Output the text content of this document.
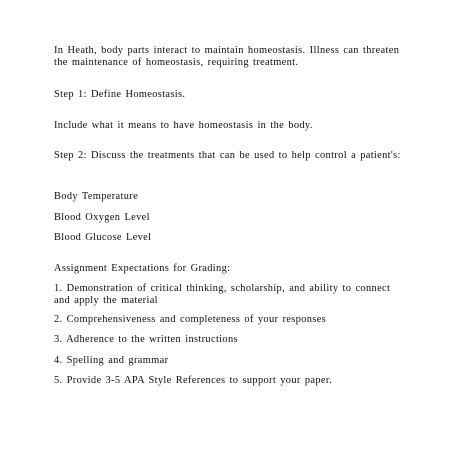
In Heath, body parts interact to maintain homeostasis. Illness can threaten the maintenance of homeostasis, requiring treatment.

Step 1: Define Homeostasis.

Include what it means to have homeostasis in the body.

Step 2: Discuss the treatments that can be used to help control a patient's:

Body Temperature

Blood Oxygen Level

Blood Glucose Level

Assignment Expectations for Grading:

1. Demonstration of critical thinking, scholarship, and ability to connect and apply the material

2. Comprehensiveness and completeness of your responses

3. Adherence to the written instructions

4. Spelling and grammar

5. Provide 3-5 APA Style References to support your paper.
